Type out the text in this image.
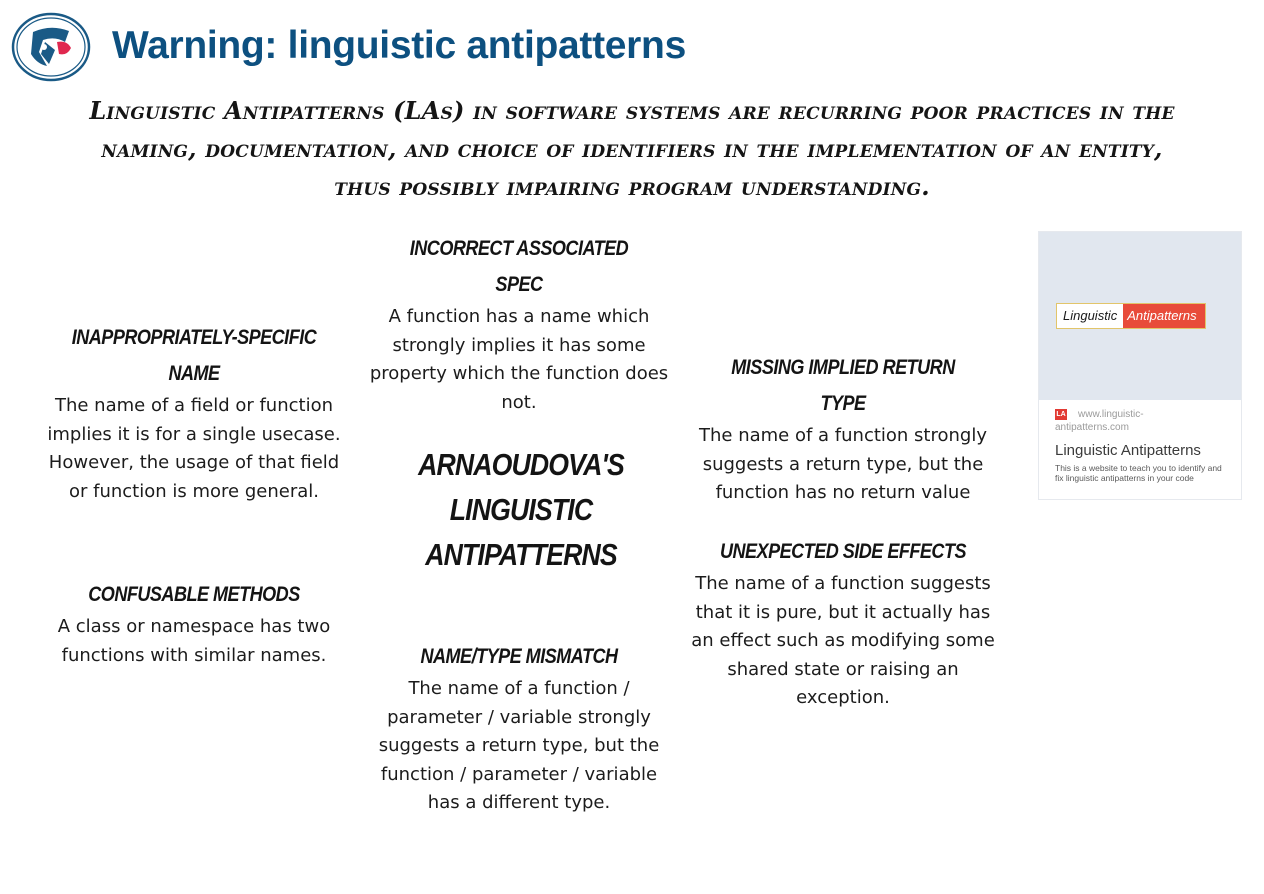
Warning: linguistic antipatterns

Linguistic Antipatterns (LAs) in software systems are recurring poor practices in the naming, documentation, and choice of identifiers in the implementation of an entity, thus possibly impairing program understanding.

INAPPROPRIATELY-SPECIFIC NAME

The name of a field or function implies it is for a single usecase. However, the usage of that field or function is more general.

CONFUSABLE METHODS

A class or namespace has two functions with similar names.

INCORRECT ASSOCIATED SPEC

A function has a name which strongly implies it has some property which the function does not.

ARNAOUDOVA'S LINGUISTIC ANTIPATTERNS
NAME/TYPE MISMATCH

The name of a function / parameter / variable strongly suggests a return type, but the function / parameter / variable has a different type.

MISSING IMPLIED RETURN TYPE

The name of a function strongly suggests a return type, but the function has no return value

UNEXPECTED SIDE EFFECTS

The name of a function suggests that it is pure, but it actually has an effect such as modifying some shared state or raising an exception.

Linguistic Antipatterns
LA	www.linguistic-antipatterns.com
Linguistic Antipatterns
This is a website to teach you to identify and fix linguistic antipatterns in your code
